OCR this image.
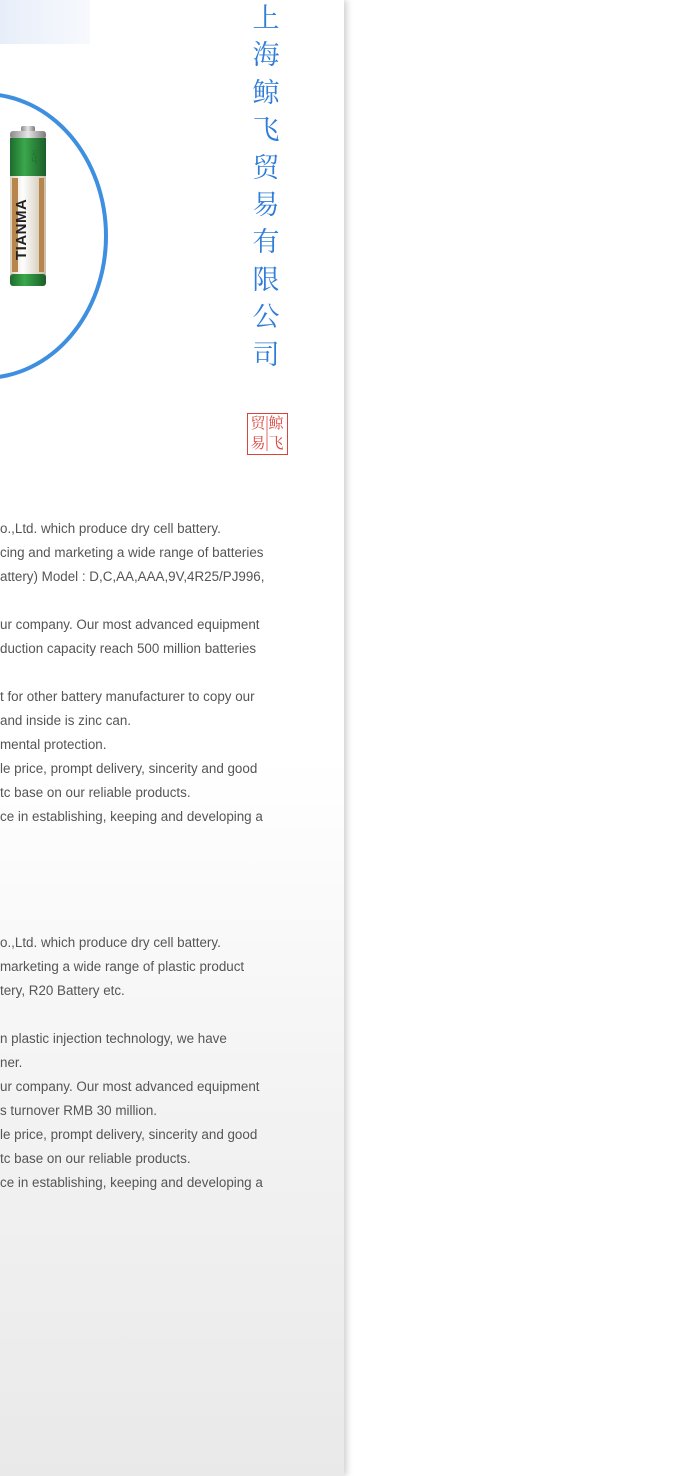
TIANMA
天马
上
海
鲸
飞
贸
易
有
限
公
司
贸 鲸
易 飞
o.,Ltd. which produce dry cell battery.
cing and marketing a wide range of batteries
attery) Model : D,C,AA,AAA,9V,4R25/PJ996,
ur company. Our most advanced equipment
duction capacity reach 500 million batteries
t for other battery manufacturer to copy our
and inside is zinc can.
mental protection.
le price, prompt delivery, sincerity and good
tc base on our reliable products.
ce in establishing, keeping and developing a
o.,Ltd. which produce dry cell battery.
marketing a wide range of plastic product
tery, R20 Battery etc.
n plastic injection technology, we have
ner.
ur company. Our most advanced equipment
s turnover RMB 30 million.
le price, prompt delivery, sincerity and good
tc base on our reliable products.
ce in establishing, keeping and developing a
